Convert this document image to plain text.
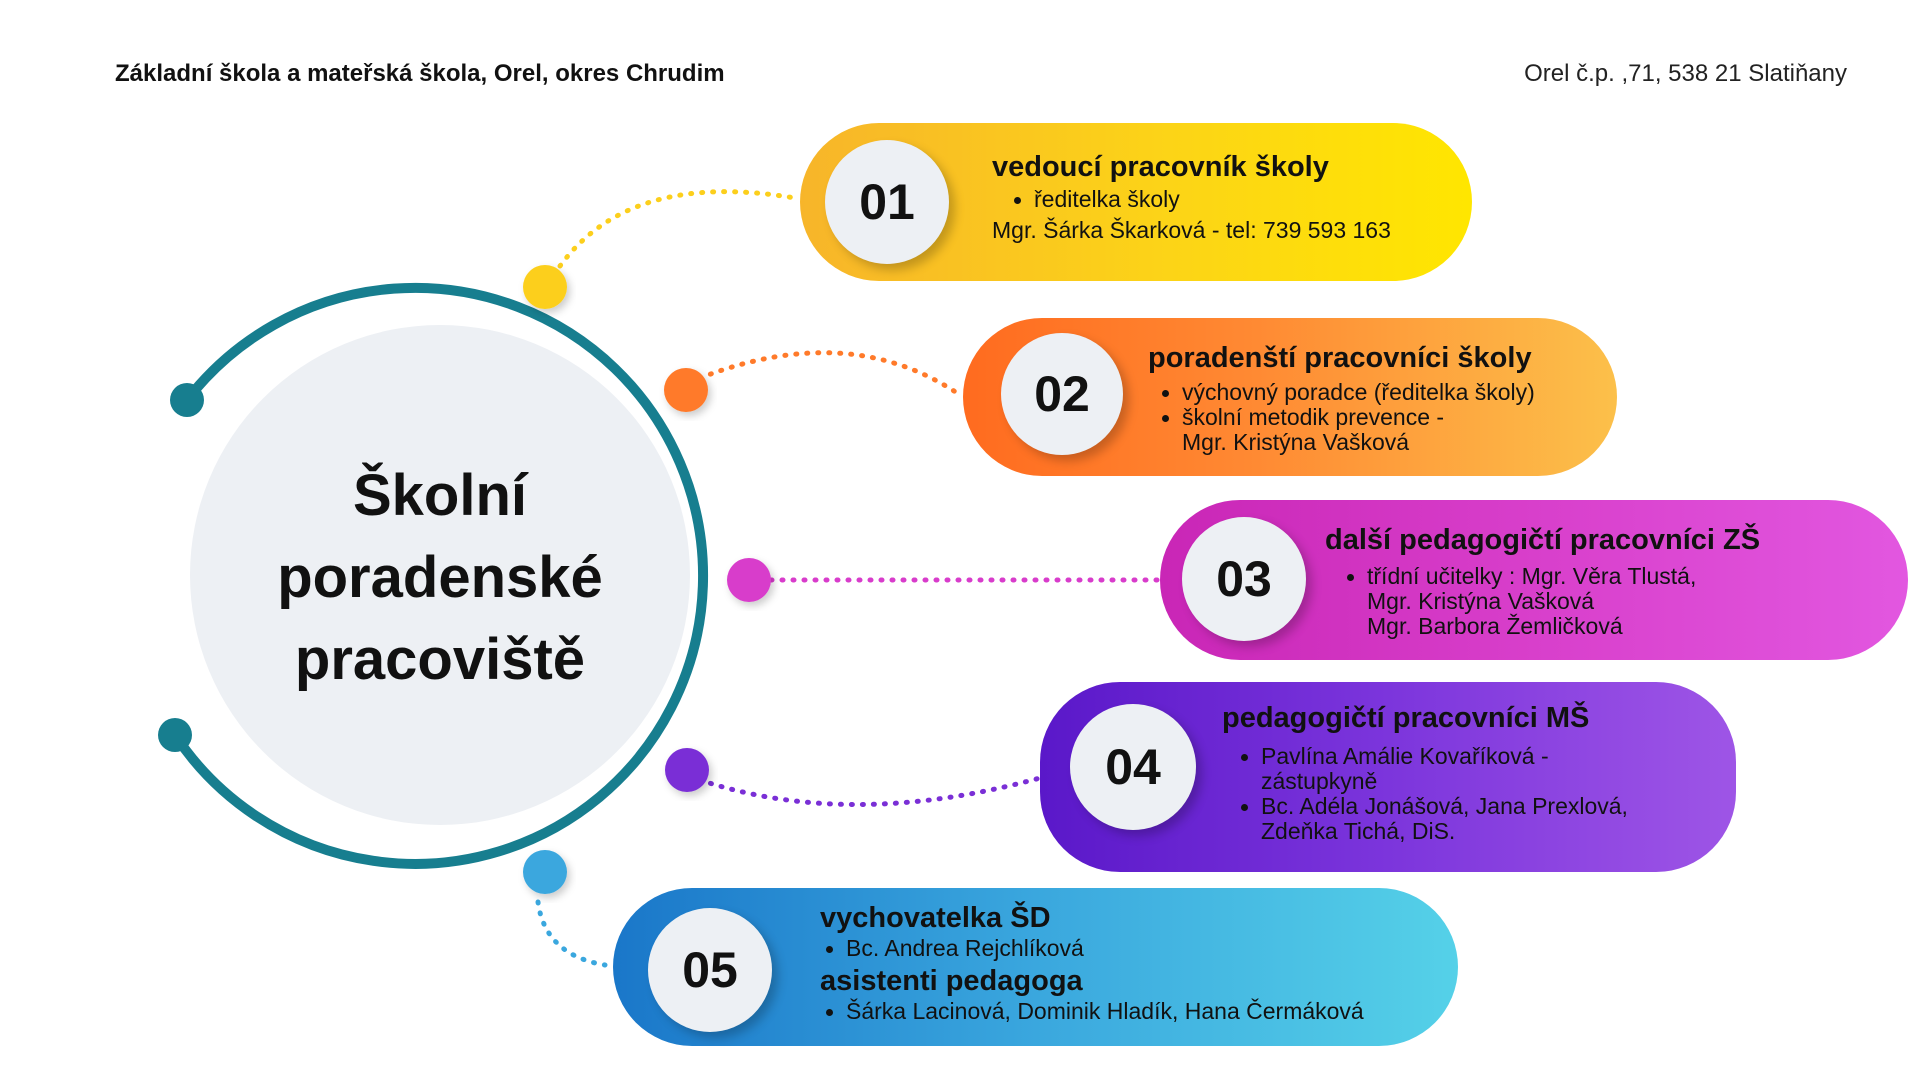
Základní škola a mateřská škola, Orel, okres Chrudim	Orel č.p. ,71, 538 21 Slatiňany
Školní
poradenské
pracoviště
01
vedoucí pracovník školy
ředitelka školy
Mgr. Šárka Škarková - tel: 739 593 163
02
poradenští pracovníci školy
výchovný poradce (ředitelka školy)
školní metodik prevence -
Mgr. Kristýna Vašková
03
další pedagogičtí pracovníci ZŠ
třídní učitelky : Mgr. Věra Tlustá,
Mgr. Kristýna Vašková
Mgr. Barbora Žemličková
04
pedagogičtí pracovníci MŠ
Pavlína Amálie Kovaříková -
zástupkyně
Bc. Adéla Jonášová, Jana Prexlová,
Zdeňka Tichá, DiS.
05
vychovatelka ŠD
Bc. Andrea Rejchlíková
asistenti pedagoga
Šárka Lacinová, Dominik Hladík, Hana Čermáková
